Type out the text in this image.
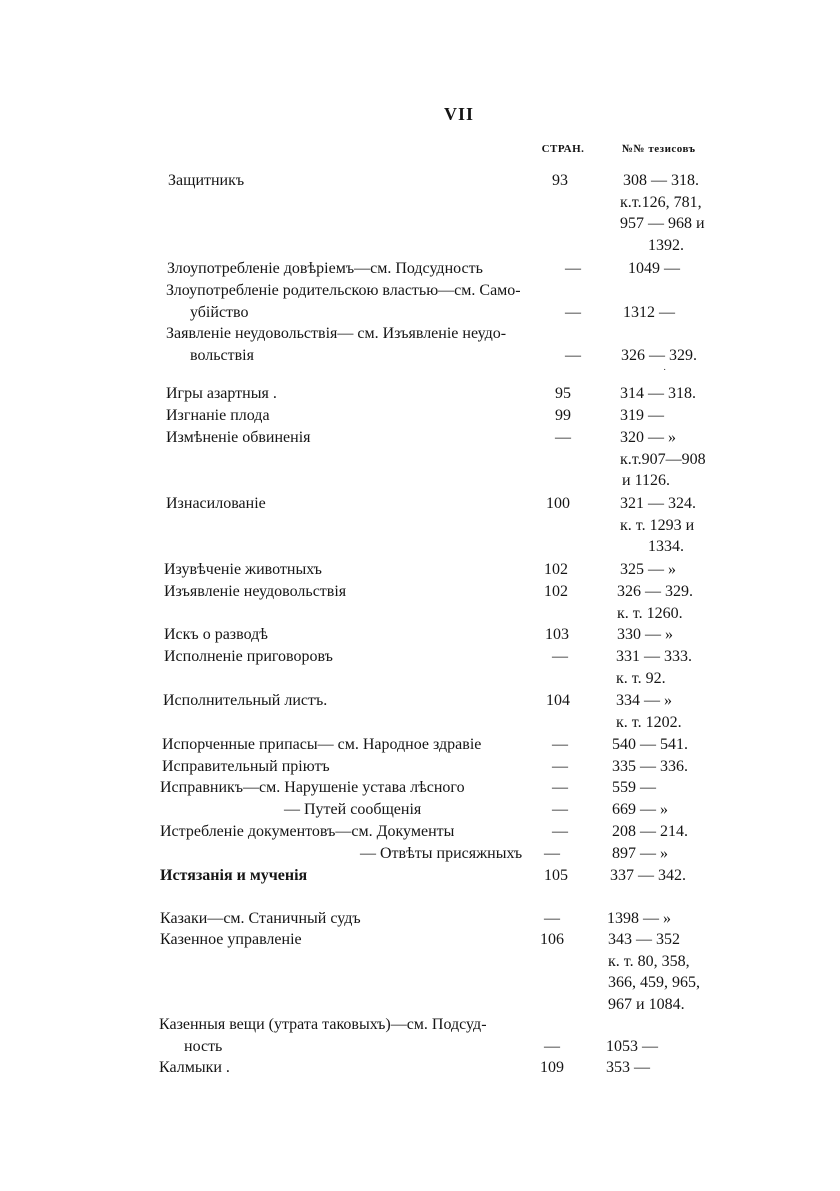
VII
СТРАН.	№№ тезисовъ
Защитникъ	93	308 — 318.
к.т.126, 781,
957 — 968 и
1392.
Злоупотребленіе довѣріемъ—см. Подсудность	—	1049 —
Злоупотребленіе родительскою властью—см. Само-
убійство	—	1312 —
Заявленіе неудовольствія— см. Изъявленіе неудо-
вольствія	—	326 — 329.
Игры азартныя .	95	314 — 318.
Изгнаніе плода	99	319 —
Измѣненіе обвиненія	—	320 — »
к.т.907—908
и 1126.
Изнасилованіе	100	321 — 324.
к. т. 1293 и
1334.
Изувѣченіе животныхъ	102	325 — »
Изъявленіе неудовольствія	102	326 — 329.
к. т. 1260.
Искъ о разводѣ	103	330 — »
Исполненіе приговоровъ	—	331 — 333.
к. т. 92.
Исполнительный листъ.	104	334 — »
к. т. 1202.
Испорченные припасы— см. Народное здравіе	—	540 — 541.
Исправительный пріютъ	—	335 — 336.
Исправникъ—см. Нарушеніе устава лѣсного	—	559 —
— Путей сообщенія	—	669 — »
Истребленіе документовъ—см. Документы	—	208 — 214.
— Отвѣты присяжныхъ	—	897 — »
Истязанія и мученія	105	337 — 342.
Казаки—см. Станичный судъ	—	1398 — »
Казенное управленіе	106	343 — 352
к. т. 80, 358,
366, 459, 965,
967 и 1084.
Казенныя вещи (утрата таковыхъ)—см. Подсуд-
ность	—	1053 —
Калмыки .	109	353 —
˙
